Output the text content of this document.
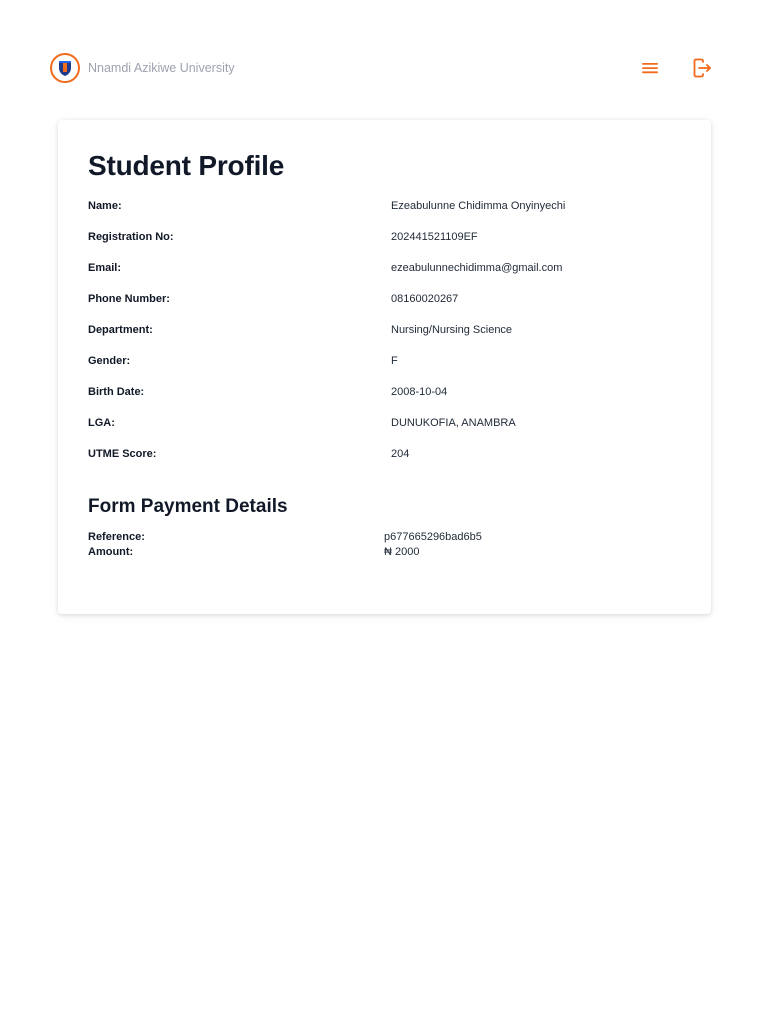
Nnamdi Azikiwe University
Student Profile
Name:	Ezeabulunne Chidimma Onyinyechi
Registration No:	202441521109EF
Email:	ezeabulunnechidimma@gmail.com
Phone Number:	08160020267
Department:	Nursing/Nursing Science
Gender:	F
Birth Date:	2008-10-04
LGA:	DUNUKOFIA, ANAMBRA
UTME Score:	204
Form Payment Details
Reference:	p677665296bad6b5
Amount:	₦ 2000
